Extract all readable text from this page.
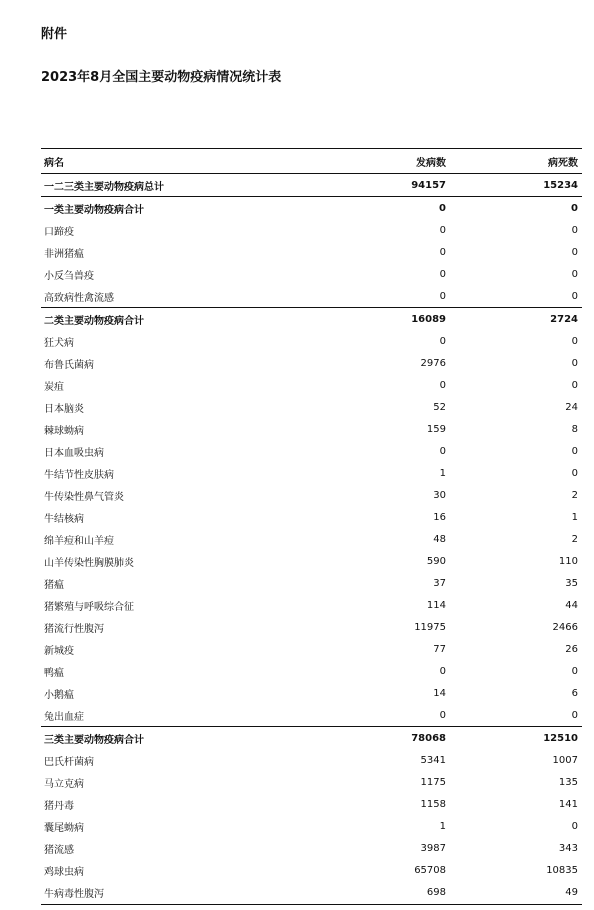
附件
2023年8月全国主要动物疫病情况统计表
病名	发病数	病死数
一二三类主要动物疫病总计	94157	15234
一类主要动物疫病合计	0	0
口蹄疫	0	0
非洲猪瘟	0	0
小反刍兽疫	0	0
高致病性禽流感	0	0
二类主要动物疫病合计	16089	2724
狂犬病	0	0
布鲁氏菌病	2976	0
炭疽	0	0
日本脑炎	52	24
棘球蚴病	159	8
日本血吸虫病	0	0
牛结节性皮肤病	1	0
牛传染性鼻气管炎	30	2
牛结核病	16	1
绵羊痘和山羊痘	48	2
山羊传染性胸膜肺炎	590	110
猪瘟	37	35
猪繁殖与呼吸综合征	114	44
猪流行性腹泻	11975	2466
新城疫	77	26
鸭瘟	0	0
小鹅瘟	14	6
兔出血症	0	0
三类主要动物疫病合计	78068	12510
巴氏杆菌病	5341	1007
马立克病	1175	135
猪丹毒	1158	141
囊尾蚴病	1	0
猪流感	3987	343
鸡球虫病	65708	10835
牛病毒性腹泻	698	49
